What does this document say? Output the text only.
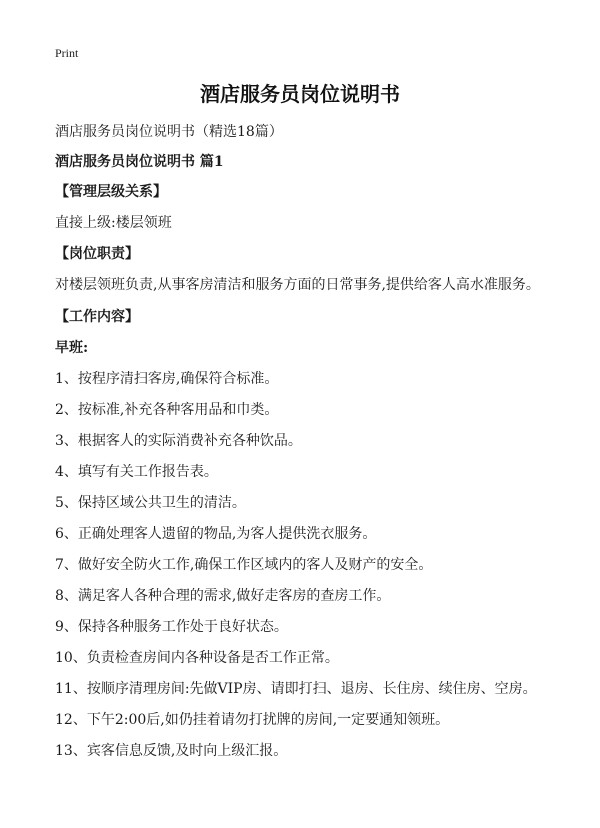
Print
酒店服务员岗位说明书
酒店服务员岗位说明书（精选18篇）
酒店服务员岗位说明书 篇1
【管理层级关系】
直接上级:楼层领班
【岗位职责】
对楼层领班负责,从事客房清洁和服务方面的日常事务,提供给客人高水准服务。
【工作内容】
早班:
1、按程序清扫客房,确保符合标准。
2、按标准,补充各种客用品和巾类。
3、根据客人的实际消费补充各种饮品。
4、填写有关工作报告表。
5、保持区域公共卫生的清洁。
6、正确处理客人遗留的物品,为客人提供洗衣服务。
7、做好安全防火工作,确保工作区域内的客人及财产的安全。
8、满足客人各种合理的需求,做好走客房的查房工作。
9、保持各种服务工作处于良好状态。
10、负责检查房间内各种设备是否工作正常。
11、按顺序清理房间:先做VIP房、请即打扫、退房、长住房、续住房、空房。
12、下午2:00后,如仍挂着请勿打扰牌的房间,一定要通知领班。
13、宾客信息反馈,及时向上级汇报。
